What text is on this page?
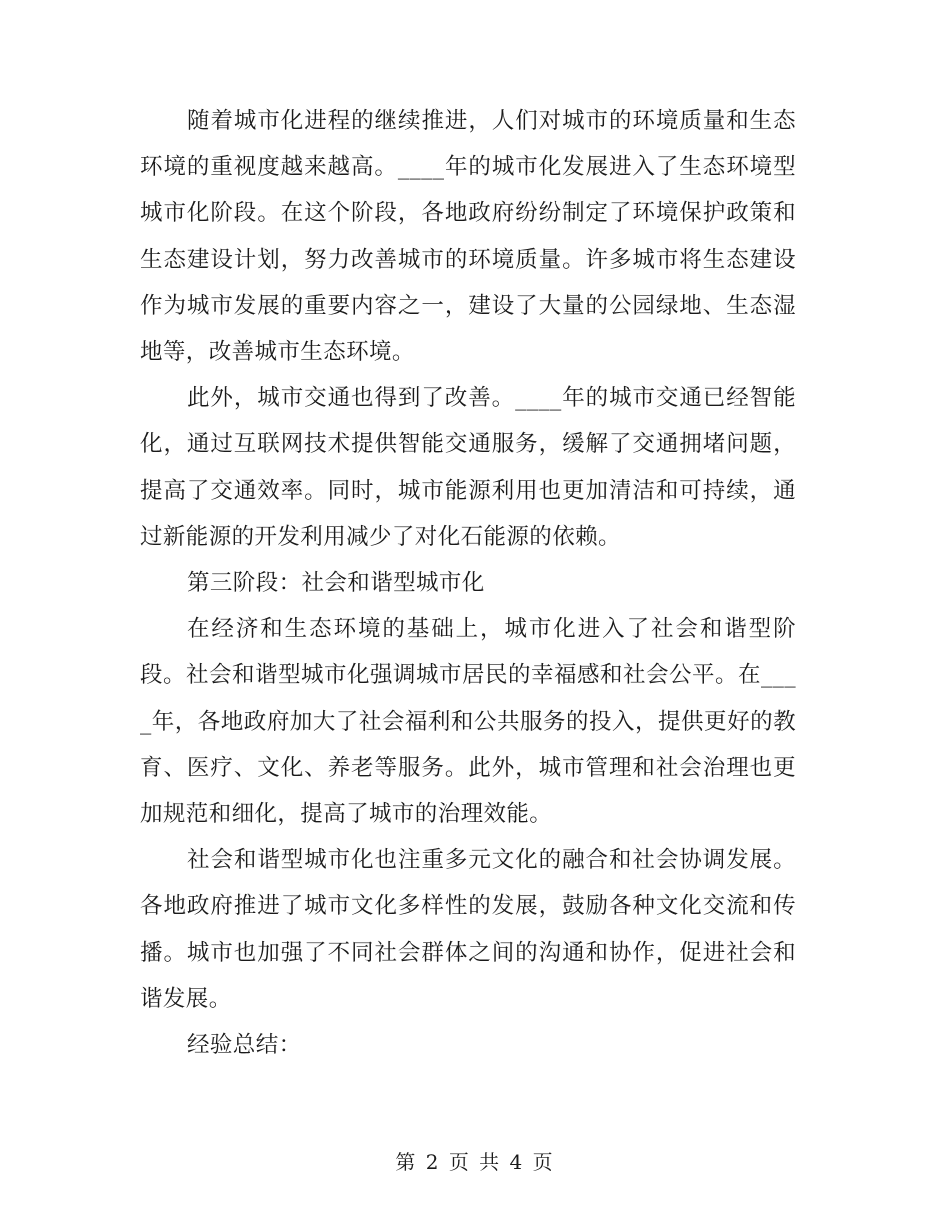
随着城市化进程的继续推进，人们对城市的环境质量和生态环境的重视度越来越高。____年的城市化发展进入了生态环境型城市化阶段。在这个阶段，各地政府纷纷制定了环境保护政策和生态建设计划，努力改善城市的环境质量。许多城市将生态建设作为城市发展的重要内容之一，建设了大量的公园绿地、生态湿地等，改善城市生态环境。

此外，城市交通也得到了改善。____年的城市交通已经智能化，通过互联网技术提供智能交通服务，缓解了交通拥堵问题，提高了交通效率。同时，城市能源利用也更加清洁和可持续，通过新能源的开发利用减少了对化石能源的依赖。

第三阶段：社会和谐型城市化

在经济和生态环境的基础上，城市化进入了社会和谐型阶段。社会和谐型城市化强调城市居民的幸福感和社会公平。在____年，各地政府加大了社会福利和公共服务的投入，提供更好的教育、医疗、文化、养老等服务。此外，城市管理和社会治理也更加规范和细化，提高了城市的治理效能。

社会和谐型城市化也注重多元文化的融合和社会协调发展。各地政府推进了城市文化多样性的发展，鼓励各种文化交流和传播。城市也加强了不同社会群体之间的沟通和协作，促进社会和谐发展。

经验总结：

第 2 页 共 4 页
